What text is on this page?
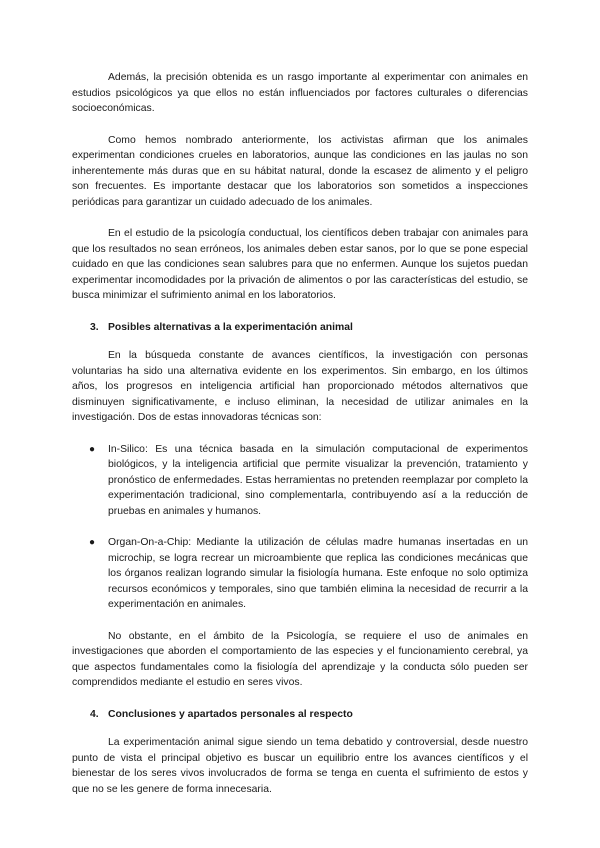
Además, la precisión obtenida es un rasgo importante al experimentar con animales en estudios psicológicos ya que ellos no están influenciados por factores culturales o diferencias socioeconómicas.

Como hemos nombrado anteriormente, los activistas afirman que los animales experimentan condiciones crueles en laboratorios, aunque las condiciones en las jaulas no son inherentemente más duras que en su hábitat natural, donde la escasez de alimento y el peligro son frecuentes. Es importante destacar que los laboratorios son sometidos a inspecciones periódicas para garantizar un cuidado adecuado de los animales.

En el estudio de la psicología conductual, los científicos deben trabajar con animales para que los resultados no sean erróneos, los animales deben estar sanos, por lo que se pone especial cuidado en que las condiciones sean salubres para que no enfermen. Aunque los sujetos puedan experimentar incomodidades por la privación de alimentos o por las características del estudio, se busca minimizar el sufrimiento animal en los laboratorios.

3. Posibles alternativas a la experimentación animal

En la búsqueda constante de avances científicos, la investigación con personas voluntarias ha sido una alternativa evidente en los experimentos. Sin embargo, en los últimos años, los progresos en inteligencia artificial han proporcionado métodos alternativos que disminuyen significativamente, e incluso eliminan, la necesidad de utilizar animales en la investigación. Dos de estas innovadoras técnicas son:

● In-Silico: Es una técnica basada en la simulación computacional de experimentos biológicos, y la inteligencia artificial que permite visualizar la prevención, tratamiento y pronóstico de enfermedades. Estas herramientas no pretenden reemplazar por completo la experimentación tradicional, sino complementarla, contribuyendo así a la reducción de pruebas en animales y humanos.
● Organ-On-a-Chip: Mediante la utilización de células madre humanas insertadas en un microchip, se logra recrear un microambiente que replica las condiciones mecánicas que los órganos realizan logrando simular la fisiología humana. Este enfoque no solo optimiza recursos económicos y temporales, sino que también elimina la necesidad de recurrir a la experimentación en animales.

No obstante, en el ámbito de la Psicología, se requiere el uso de animales en investigaciones que aborden el comportamiento de las especies y el funcionamiento cerebral, ya que aspectos fundamentales como la fisiología del aprendizaje y la conducta sólo pueden ser comprendidos mediante el estudio en seres vivos.

4. Conclusiones y apartados personales al respecto

La experimentación animal sigue siendo un tema debatido y controversial, desde nuestro punto de vista el principal objetivo es buscar un equilibrio entre los avances científicos y el bienestar de los seres vivos involucrados de forma se tenga en cuenta el sufrimiento de estos y que no se les genere de forma innecesaria.
